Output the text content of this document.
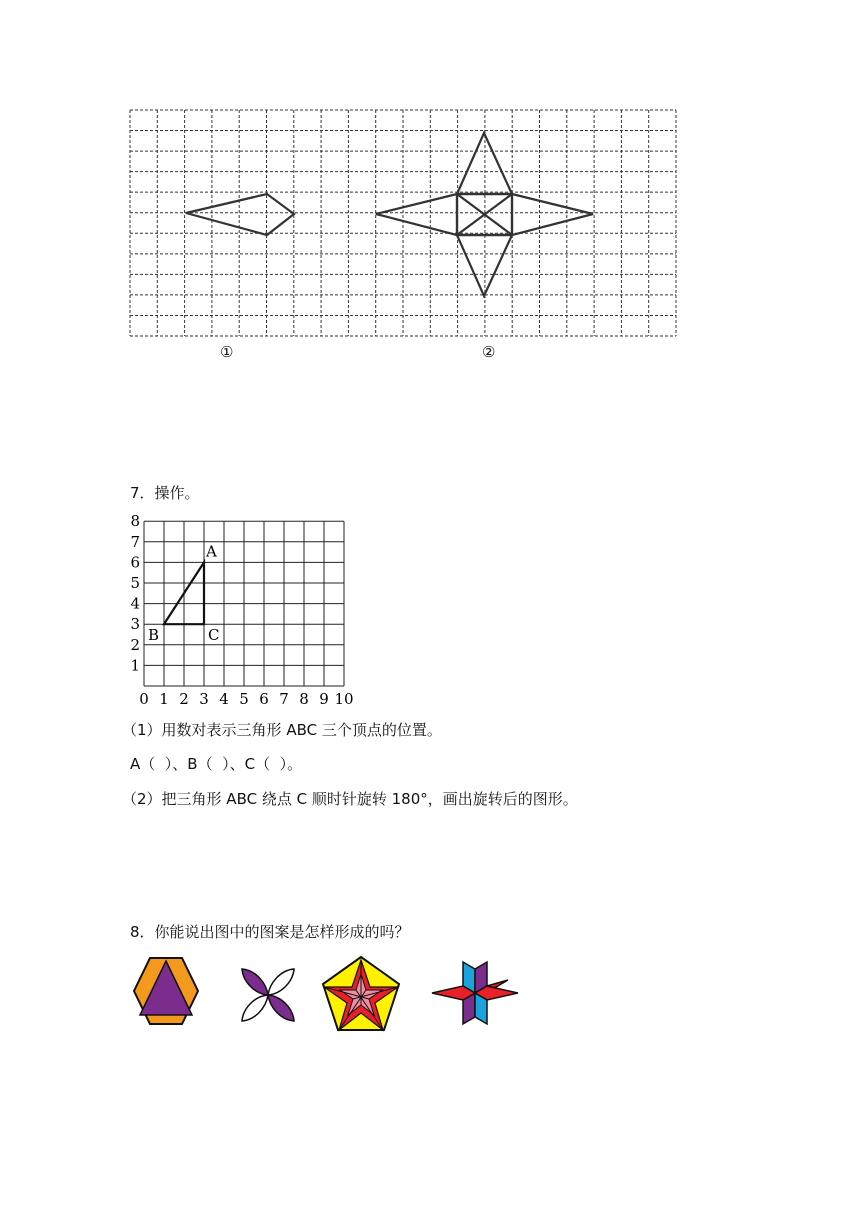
①	②
7．操作。
0 1 2 3 4 5 6 7 8 9 10
1
2
3
4
5
6
7
8
A
B	C
（1）用数对表示三角形 ABC 三个顶点的位置。
A（  ）、B（  ）、C（  ）。
（2）把三角形 ABC 绕点 C 顺时针旋转 180°，画出旋转后的图形。
8．你能说出图中的图案是怎样形成的吗？
